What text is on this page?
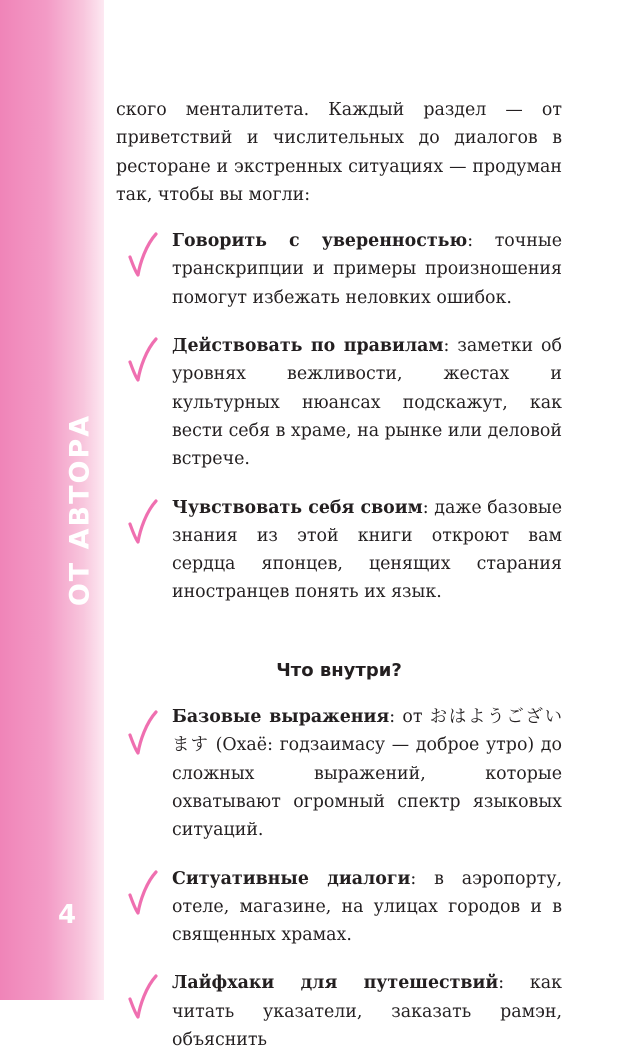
ОТ АВТОРА
4

ского менталитета. Каждый раздел — от приветствий и числительных до диалогов в ресторане и экстренных ситуациях — продуман так, чтобы вы могли:

Говорить с уверенностью: точные транскрипции и примеры произношения помогут избежать неловких ошибок.
Действовать по правилам: заметки об уровнях вежливости, жестах и культурных нюансах подскажут, как вести себя в храме, на рынке или деловой встрече.
Чувствовать себя своим: даже базовые знания из этой книги откроют вам сердца японцев, ценящих старания иностранцев понять их язык.
Что внутри?
Базовые выражения: от おはようございます (Охаё: годзаимасу — доброе утро) до сложных выражений, которые охватывают огромный спектр языковых ситуаций.
Ситуативные диалоги: в аэропорту, отеле, магазине, на улицах городов и в священных храмах.
Лайфхаки для путешествий: как читать указатели, заказать рамэн, объяснить
